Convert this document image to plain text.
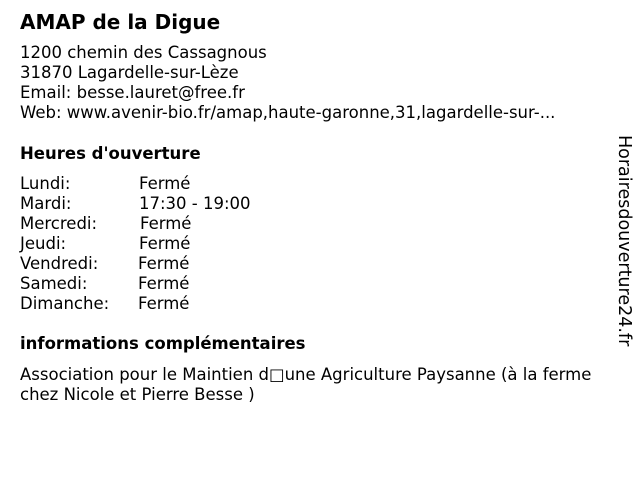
AMAP de la Digue
1200 chemin des Cassagnous
31870 Lagardelle-sur-Lèze
Email: besse.lauret@free.fr
Web: www.avenir-bio.fr/amap,haute-garonne,31,lagardelle-sur-...
Heures d'ouverture
Lundi:	Fermé
Mardi:	17:30 - 19:00
Mercredi:	Fermé
Jeudi:	Fermé
Vendredi: Fermé
Samedi:	Fermé
Dimanche: Fermé
informations complémentaires
Association pour le Maintien d□une Agriculture Paysanne (à la ferme
chez Nicole et Pierre Besse )
Horairesdouverture24.fr
